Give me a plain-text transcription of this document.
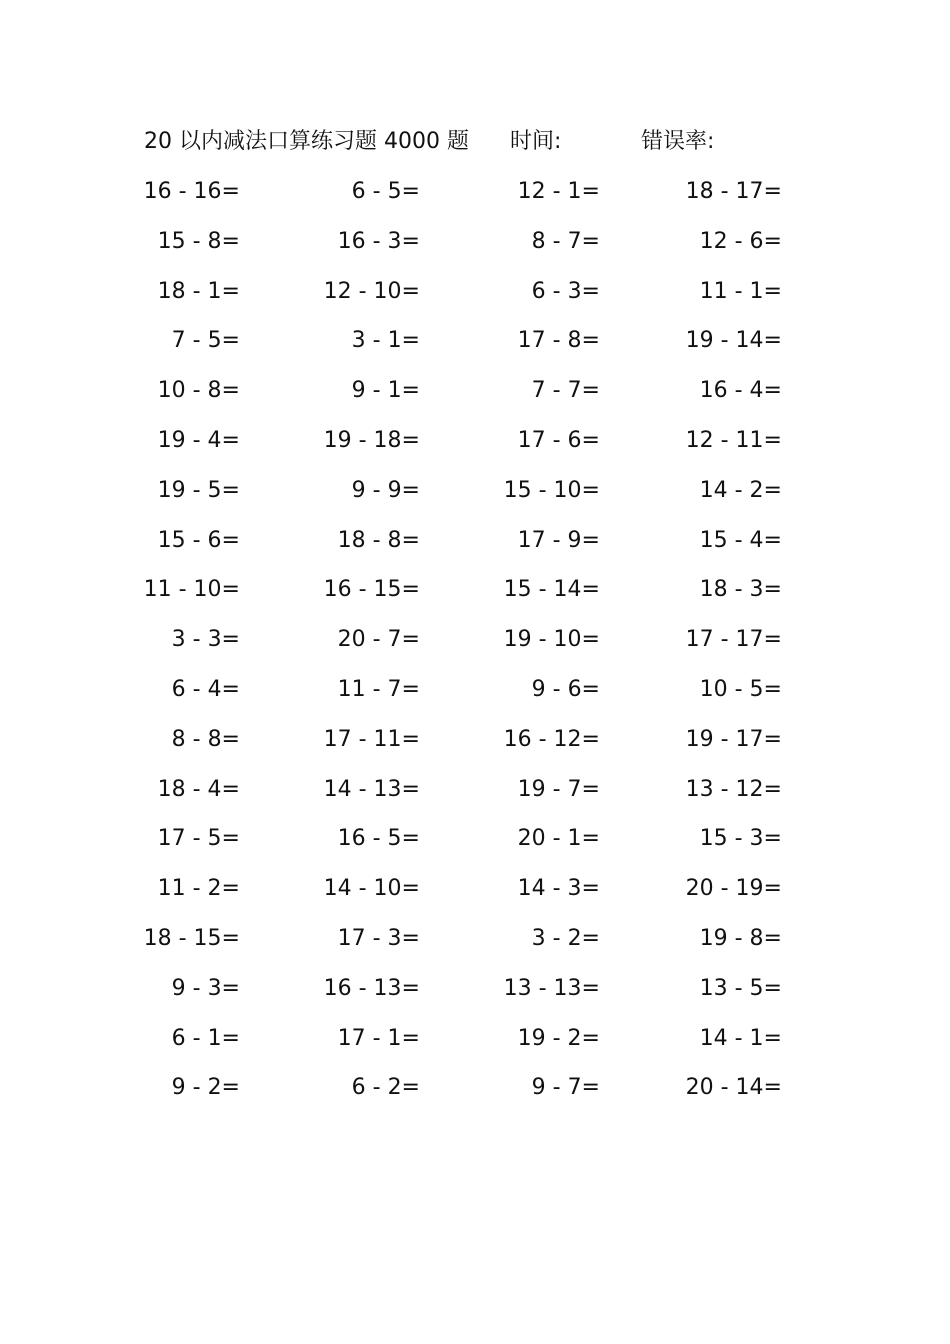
20 以内减法口算练习题 4000 题 时间:	错误率:
16 - 16=	6 - 5=	12 - 1=	18 - 17=
15 - 8=	16 - 3=	8 - 7=	12 - 6=
18 - 1=	12 - 10=	6 - 3=	11 - 1=
7 - 5=	3 - 1=	17 - 8=	19 - 14=
10 - 8=	9 - 1=	7 - 7=	16 - 4=
19 - 4=	19 - 18=	17 - 6=	12 - 11=
19 - 5=	9 - 9=	15 - 10=	14 - 2=
15 - 6=	18 - 8=	17 - 9=	15 - 4=
11 - 10=	16 - 15=	15 - 14=	18 - 3=
3 - 3=	20 - 7=	19 - 10=	17 - 17=
6 - 4=	11 - 7=	9 - 6=	10 - 5=
8 - 8=	17 - 11=	16 - 12=	19 - 17=
18 - 4=	14 - 13=	19 - 7=	13 - 12=
17 - 5=	16 - 5=	20 - 1=	15 - 3=
11 - 2=	14 - 10=	14 - 3=	20 - 19=
18 - 15=	17 - 3=	3 - 2=	19 - 8=
9 - 3=	16 - 13=	13 - 13=	13 - 5=
6 - 1=	17 - 1=	19 - 2=	14 - 1=
9 - 2=	6 - 2=	9 - 7=	20 - 14=
